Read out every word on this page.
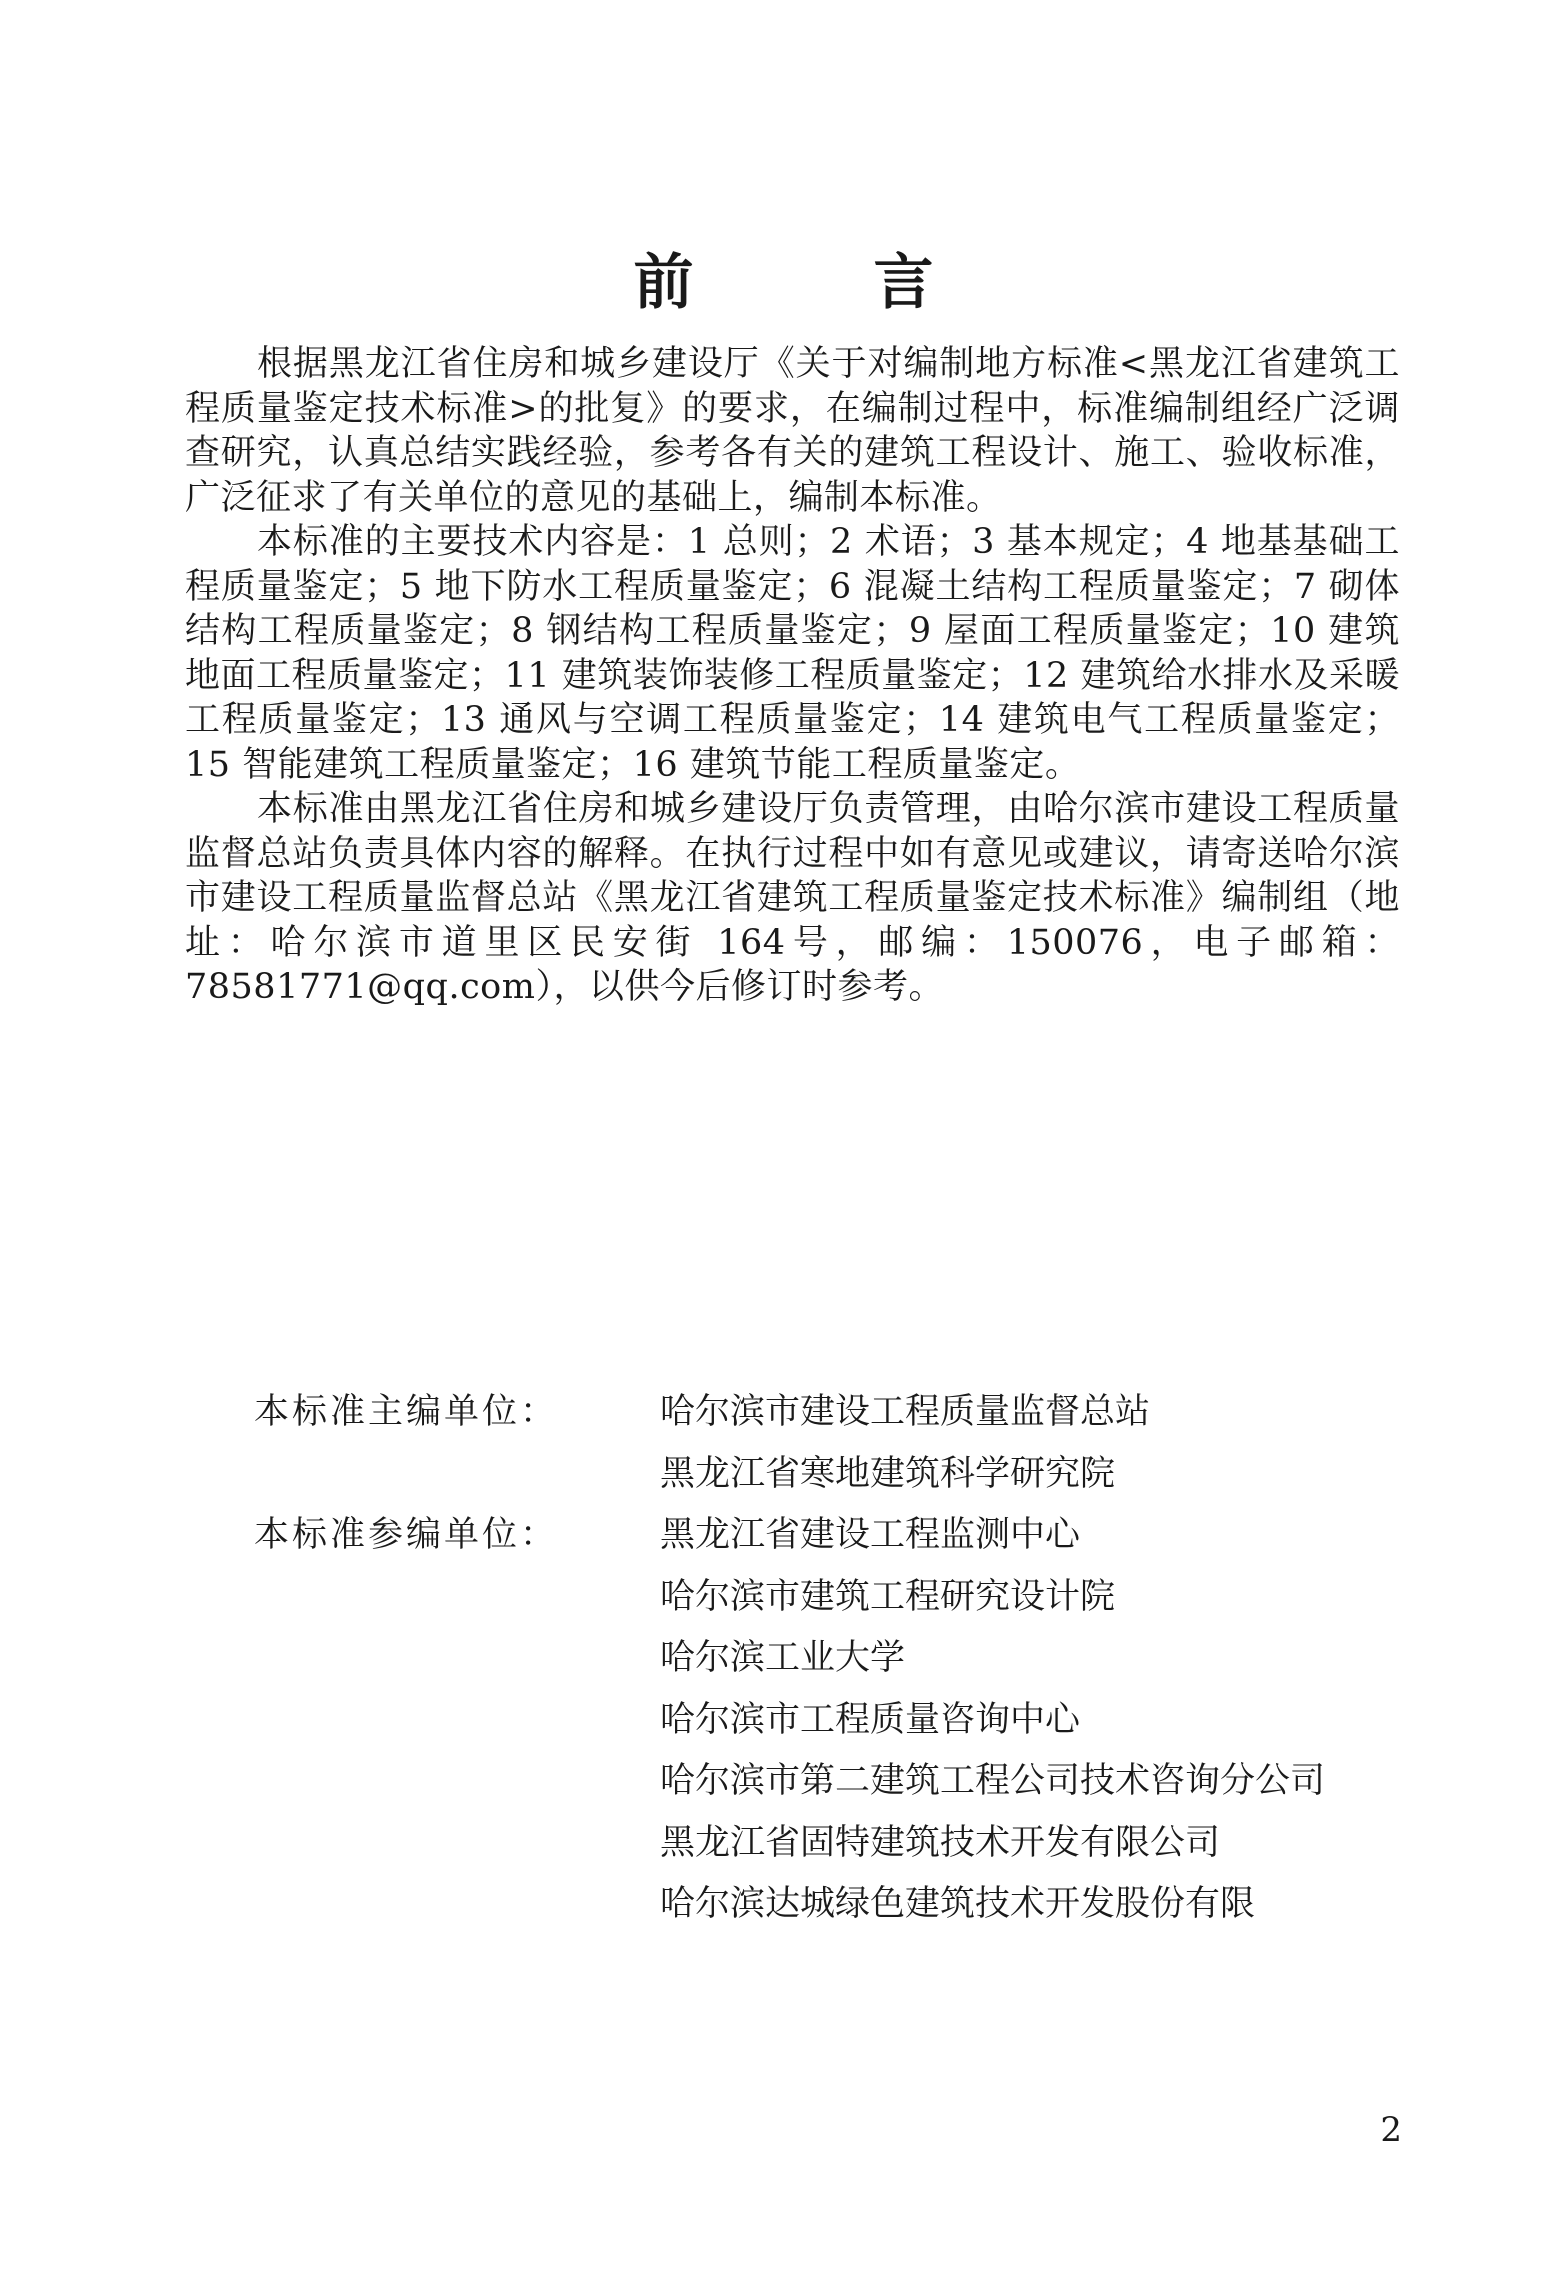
前　言

根据黑龙江省住房和城乡建设厅《关于对编制地方标准<黑龙江省建筑工程质量鉴定技术标准>的批复》的要求，在编制过程中，标准编制组经广泛调查研究，认真总结实践经验，参考各有关的建筑工程设计、施工、验收标准，广泛征求了有关单位的意见的基础上，编制本标准。

本标准的主要技术内容是：1 总则；2 术语；3 基本规定；4 地基基础工程质量鉴定；5 地下防水工程质量鉴定；6 混凝土结构工程质量鉴定；7 砌体结构工程质量鉴定；8 钢结构工程质量鉴定；9 屋面工程质量鉴定；10 建筑地面工程质量鉴定；11 建筑装饰装修工程质量鉴定；12 建筑给水排水及采暖工程质量鉴定；13 通风与空调工程质量鉴定；14 建筑电气工程质量鉴定；15 智能建筑工程质量鉴定；16 建筑节能工程质量鉴定。

本标准由黑龙江省住房和城乡建设厅负责管理，由哈尔滨市建设工程质量监督总站负责具体内容的解释。在执行过程中如有意见或建议，请寄送哈尔滨市建设工程质量监督总站《黑龙江省建筑工程质量鉴定技术标准》编制组（地址：哈尔滨市道里区民安街 164号，邮编：150076，电子邮箱：78581771@qq.com），以供今后修订时参考。

本标准主编单位：	哈尔滨市建设工程质量监督总站
黑龙江省寒地建筑科学研究院
本标准参编单位：	黑龙江省建设工程监测中心
哈尔滨市建筑工程研究设计院
哈尔滨工业大学
哈尔滨市工程质量咨询中心
哈尔滨市第二建筑工程公司技术咨询分公司
黑龙江省固特建筑技术开发有限公司
哈尔滨达城绿色建筑技术开发股份有限
2
